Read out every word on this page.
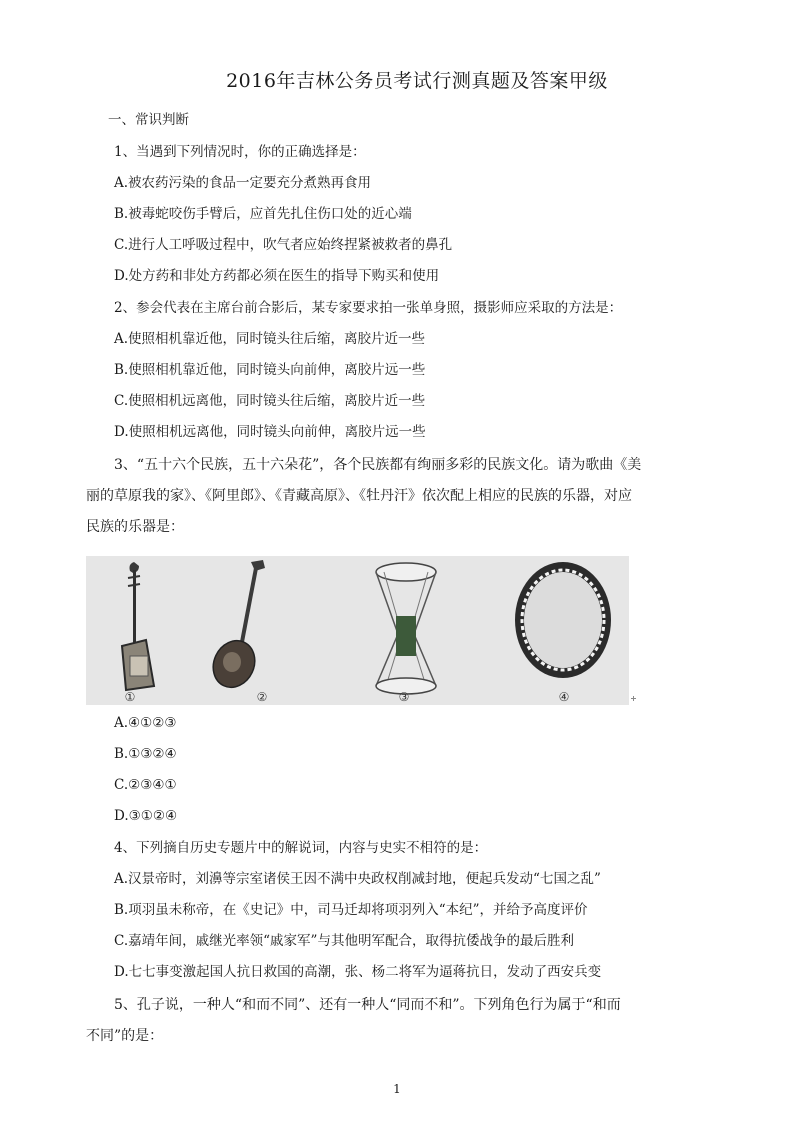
2016年吉林公务员考试行测真题及答案甲级
一、常识判断
1、当遇到下列情况时，你的正确选择是：
A.被农药污染的食品一定要充分煮熟再食用
B.被毒蛇咬伤手臂后，应首先扎住伤口处的近心端
C.进行人工呼吸过程中，吹气者应始终捏紧被救者的鼻孔
D.处方药和非处方药都必须在医生的指导下购买和使用
2、参会代表在主席台前合影后，某专家要求拍一张单身照，摄影师应采取的方法是：
A.使照相机靠近他，同时镜头往后缩，离胶片近一些
B.使照相机靠近他，同时镜头向前伸，离胶片远一些
C.使照相机远离他，同时镜头往后缩，离胶片近一些
D.使照相机远离他，同时镜头向前伸，离胶片远一些
3、“五十六个民族，五十六朵花”，各个民族都有绚丽多彩的民族文化。请为歌曲《美
丽的草原我的家》、《阿里郎》、《青藏高原》、《牡丹汗》依次配上相应的民族的乐器，对应
民族的乐器是：
①	②	③	④
A.④①②③
B.①③②④
C.②③④①
D.③①②④
4、下列摘自历史专题片中的解说词，内容与史实不相符的是：
A.汉景帝时，刘濞等宗室诸侯王因不满中央政权削减封地，便起兵发动“七国之乱”
B.项羽虽未称帝，在《史记》中，司马迁却将项羽列入“本纪”，并给予高度评价
C.嘉靖年间，戚继光率领“戚家军”与其他明军配合，取得抗倭战争的最后胜利
D.七七事变激起国人抗日救国的高潮，张、杨二将军为逼蒋抗日，发动了西安兵变
5、孔子说，一种人“和而不同”、还有一种人“同而不和”。下列角色行为属于“和而
不同”的是：
1
